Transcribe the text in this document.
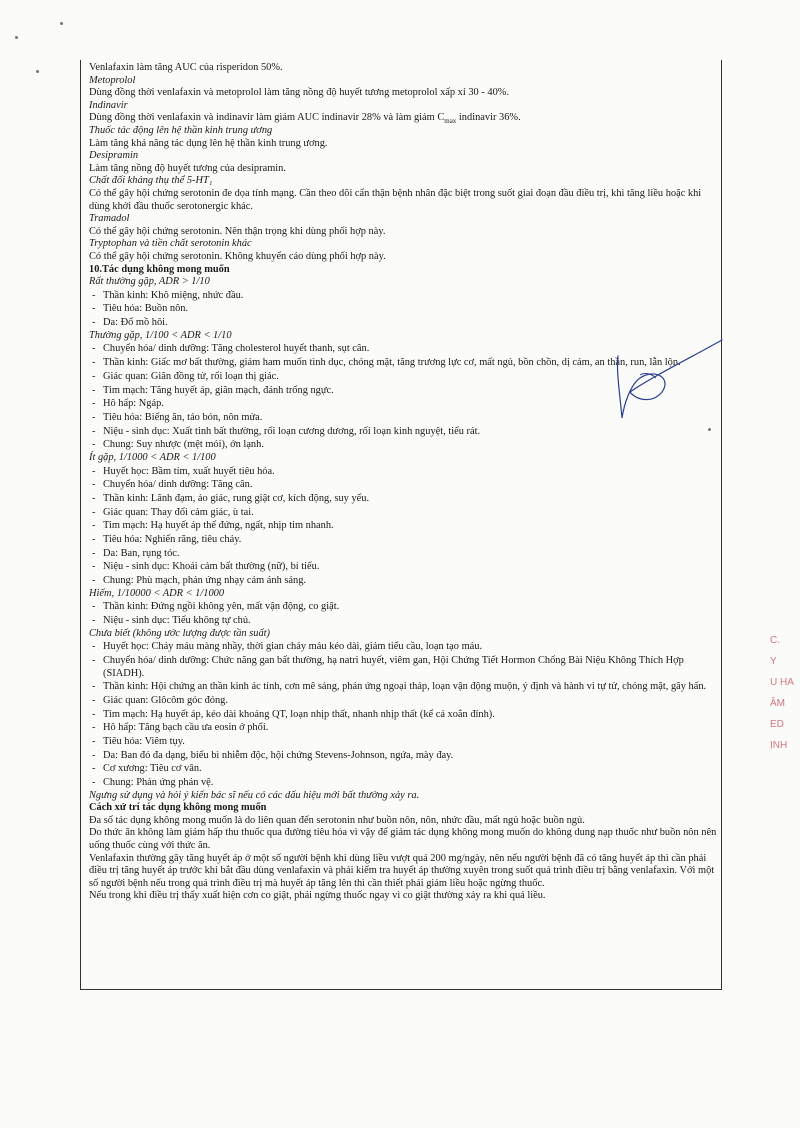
Venlafaxin làm tăng AUC của risperidon 50%.

Metoprolol

Dùng đồng thời venlafaxin và metoprolol làm tăng nồng độ huyết tương metoprolol xấp xỉ 30 - 40%.

Indinavir

Dùng đồng thời venlafaxin và indinavir làm giảm AUC indinavir 28% và làm giảm $C_{max}$ indinavir 36%.

Thuốc tác động lên hệ thần kinh trung ương

Làm tăng khả năng tác dụng lên hệ thần kinh trung ương.

Desipramin

Làm tăng nồng độ huyết tương của desipramin.

Chất đối kháng thụ thể 5-HT₁

Có thể gây hội chứng serotonin đe dọa tính mạng. Cần theo dõi cẩn thận bệnh nhân đặc biệt trong suốt giai đoạn đầu điều trị, khi tăng liều hoặc khi dùng khởi đầu thuốc serotonergic khác.

Tramadol

Có thể gây hội chứng serotonin. Nên thận trọng khi dùng phối hợp này.

Tryptophan và tiền chất serotonin khác

Có thể gây hội chứng serotonin. Không khuyến cáo dùng phối hợp này.

10.Tác dụng không mong muốn

Rất thường gặp, ADR > 1/10

- Thần kinh: Khô miệng, nhức đầu.
- Tiêu hóa: Buồn nôn.
- Da: Đổ mồ hôi.

Thường gặp, 1/100 < ADR < 1/10

- Chuyển hóa/ dinh dưỡng: Tăng cholesterol huyết thanh, sụt cân.
- Thần kinh: Giấc mơ bất thường, giảm ham muốn tình dục, chóng mặt, tăng trương lực cơ, mất ngủ, bồn chồn, dị cảm, an thần, run, lẫn lộn.
- Giác quan: Giãn đồng tử, rối loạn thị giác.
- Tim mạch: Tăng huyết áp, giãn mạch, đánh trống ngực.
- Hô hấp: Ngáp.
- Tiêu hóa: Biếng ăn, táo bón, nôn mửa.
- Niệu - sinh dục: Xuất tinh bất thường, rối loạn cương dương, rối loạn kinh nguyệt, tiểu rát.
- Chung: Suy nhược (mệt mỏi), ớn lạnh.

Ít gặp, 1/1000 < ADR < 1/100

- Huyết học: Bầm tím, xuất huyết tiêu hóa.
- Chuyển hóa/ dinh dưỡng: Tăng cân.
- Thần kinh: Lãnh đạm, ảo giác, rung giật cơ, kích động, suy yếu.
- Giác quan: Thay đổi cảm giác, ù tai.
- Tim mạch: Hạ huyết áp thế đứng, ngất, nhịp tim nhanh.
- Tiêu hóa: Nghiến răng, tiêu chảy.
- Da: Ban, rụng tóc.
- Niệu - sinh dục: Khoái cảm bất thường (nữ), bí tiểu.
- Chung: Phù mạch, phản ứng nhạy cảm ánh sáng.

Hiếm, 1/10000 < ADR < 1/1000

- Thần kinh: Đứng ngồi không yên, mất vận động, co giật.
- Niệu - sinh dục: Tiểu không tự chủ.

Chưa biết (không ước lượng được tần suất)

- Huyết học: Chảy máu màng nhầy, thời gian chảy máu kéo dài, giảm tiểu cầu, loạn tạo máu.
- Chuyển hóa/ dinh dưỡng: Chức năng gan bất thường, hạ natri huyết, viêm gan, Hội Chứng Tiết Hormon Chống Bài Niệu Không Thích Hợp (SIADH).
- Thần kinh: Hội chứng an thần kinh ác tính, cơn mê sảng, phản ứng ngoại tháp, loạn vận động muộn, ý định và hành vi tự tử, chóng mặt, gây hấn.
- Giác quan: Glôcôm góc đóng.
- Tim mạch: Hạ huyết áp, kéo dài khoảng QT, loạn nhịp thất, nhanh nhịp thất (kể cả xoắn đỉnh).
- Hô hấp: Tăng bạch cầu ưa eosin ở phổi.
- Tiêu hóa: Viêm tụy.
- Da: Ban đỏ đa dạng, biểu bì nhiễm độc, hội chứng Stevens-Johnson, ngứa, mày đay.
- Cơ xương: Tiêu cơ vân.
- Chung: Phản ứng phản vệ.

Ngưng sử dụng và hỏi ý kiến bác sĩ nếu có các dấu hiệu mới bất thường xảy ra.

Cách xử trí tác dụng không mong muốn

Đa số tác dụng không mong muốn là do liên quan đến serotonin như buồn nôn, nôn, nhức đầu, mất ngủ hoặc buồn ngủ.

Do thức ăn không làm giảm hấp thu thuốc qua đường tiêu hóa vì vậy để giảm tác dụng không mong muốn do không dung nạp thuốc như buồn nôn nên uống thuốc cùng với thức ăn.

Venlafaxin thường gây tăng huyết áp ở một số người bệnh khi dùng liều vượt quá 200 mg/ngày, nên nếu người bệnh đã có tăng huyết áp thì cần phải điều trị tăng huyết áp trước khi bắt đầu dùng venlafaxin và phải kiểm tra huyết áp thường xuyên trong suốt quá trình điều trị bằng venlafaxin. Với một số người bệnh nếu trong quá trình điều trị mà huyết áp tăng lên thì cần thiết phải giảm liều hoặc ngừng thuốc.

Nếu trong khi điều trị thấy xuất hiện cơn co giật, phải ngừng thuốc ngay vì co giật thường xảy ra khi quá liều.

C.
Y
U HA
ÂM
ED
ỊNH
